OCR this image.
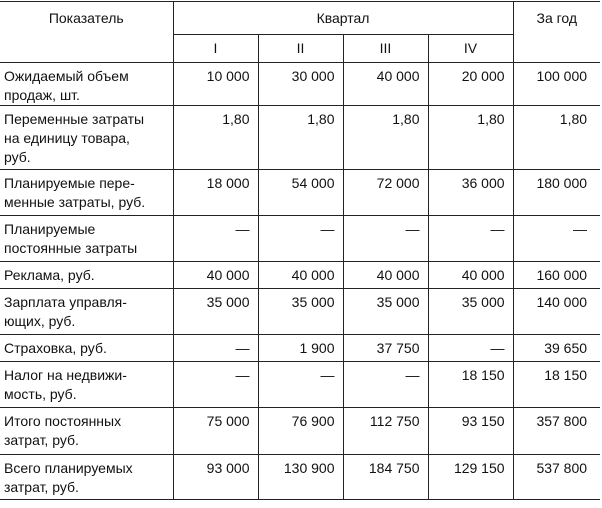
Показатель	Квартал				За год
	I	II	III	IV	

Ожидаемый объем
продаж, шт.	10 000	30 000	40 000	20 000	100 000

Переменные затраты
на единицу товара,
руб.	1,80	1,80	1,80	1,80	1,80

Планируемые пере-
менные затраты, руб.	18 000	54 000	72 000	36 000	180 000

Планируемые
постоянные затраты	—	—	—	—	—

Реклама, руб.	40 000	40 000	40 000	40 000	160 000

Зарплата управля-
ющих, руб.	35 000	35 000	35 000	35 000	140 000

Страховка, руб.	—	1 900	37 750	—	39 650

Налог на недвижи-
мость, руб.	—	—	—	18 150	18 150

Итого постоянных
затрат, руб.	75 000	76 900	112 750	93 150	357 800

Всего планируемых
затрат, руб.	93 000	130 900	184 750	129 150	537 800
